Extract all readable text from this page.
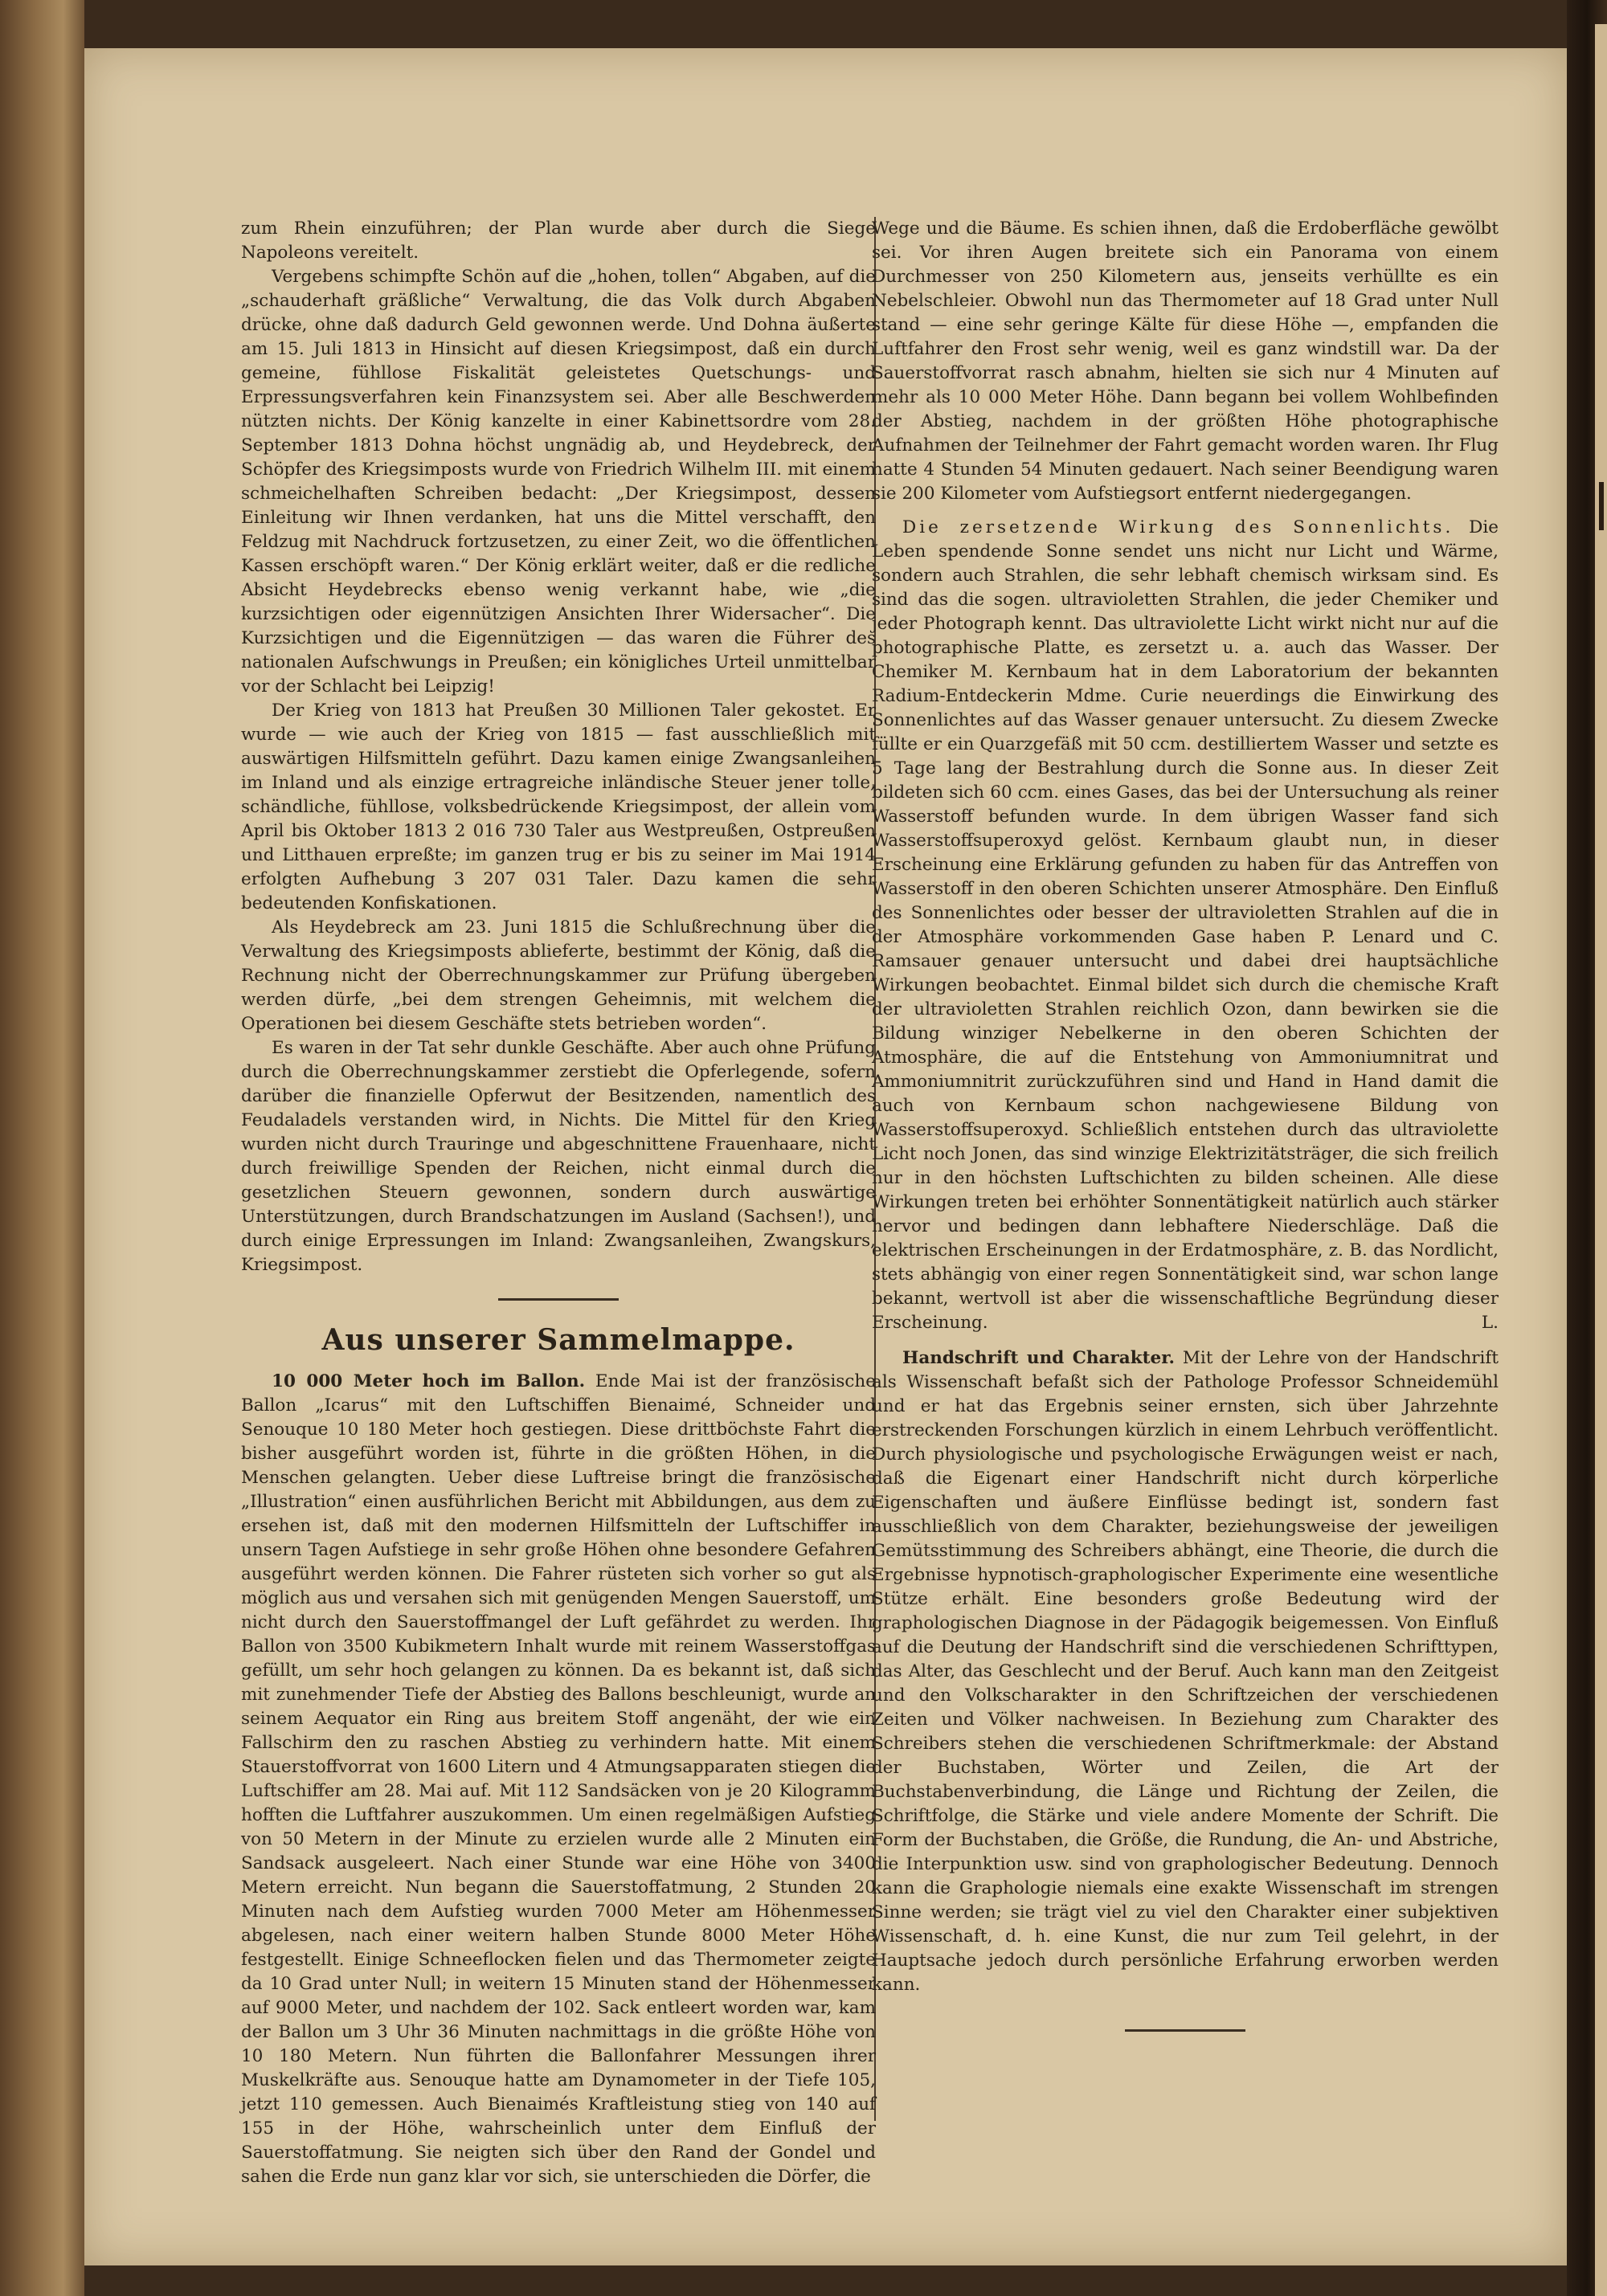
zum Rhein einzuführen; der Plan wurde aber durch die Siege Napoleons vereitelt.

Vergebens schimpfte Schön auf die „hohen, tollen“ Abgaben, auf die „schauderhaft gräßliche“ Verwaltung, die das Volk durch Abgaben drücke, ohne daß dadurch Geld gewonnen werde. Und Dohna äußerte am 15. Juli 1813 in Hinsicht auf diesen Kriegsimpost, daß ein durch gemeine, fühllose Fiskalität geleistetes Quetschungs- und Erpressungsverfahren kein Finanzsystem sei. Aber alle Beschwerden nützten nichts. Der König kanzelte in einer Kabinettsordre vom 28. September 1813 Dohna höchst ungnädig ab, und Heydebreck, der Schöpfer des Kriegsimposts wurde von Friedrich Wilhelm III. mit einem schmeichelhaften Schreiben bedacht: „Der Kriegsimpost, dessen Einleitung wir Ihnen verdanken, hat uns die Mittel verschafft, den Feldzug mit Nachdruck fortzusetzen, zu einer Zeit, wo die öffentlichen Kassen erschöpft waren.“ Der König erklärt weiter, daß er die redliche Absicht Heydebrecks ebenso wenig verkannt habe, wie „die kurzsichtigen oder eigennützigen Ansichten Ihrer Widersacher“. Die Kurzsichtigen und die Eigennützigen — das waren die Führer des nationalen Aufschwungs in Preußen; ein königliches Urteil unmittelbar vor der Schlacht bei Leipzig!

Der Krieg von 1813 hat Preußen 30 Millionen Taler gekostet. Er wurde — wie auch der Krieg von 1815 — fast ausschließlich mit auswärtigen Hilfsmitteln geführt. Dazu kamen einige Zwangsanleihen im Inland und als einzige ertragreiche inländische Steuer jener tolle, schändliche, fühllose, volksbedrückende Kriegsimpost, der allein vom April bis Oktober 1813 2 016 730 Taler aus Westpreußen, Ostpreußen und Litthauen erpreßte; im ganzen trug er bis zu seiner im Mai 1914 erfolgten Aufhebung 3 207 031 Taler. Dazu kamen die sehr bedeutenden Konfiskationen.

Als Heydebreck am 23. Juni 1815 die Schlußrechnung über die Verwaltung des Kriegsimposts ablieferte, bestimmt der König, daß die Rechnung nicht der Oberrechnungskammer zur Prüfung übergeben werden dürfe, „bei dem strengen Geheimnis, mit welchem die Operationen bei diesem Geschäfte stets betrieben worden“.

Es waren in der Tat sehr dunkle Geschäfte. Aber auch ohne Prüfung durch die Oberrechnungskammer zerstiebt die Opferlegende, sofern darüber die finanzielle Opferwut der Besitzenden, namentlich des Feudaladels verstanden wird, in Nichts. Die Mittel für den Krieg wurden nicht durch Trauringe und abgeschnittene Frauenhaare, nicht durch freiwillige Spenden der Reichen, nicht einmal durch die gesetzlichen Steuern gewonnen, sondern durch auswärtige Unterstützungen, durch Brandschatzungen im Ausland (Sachsen!), und durch einige Erpressungen im Inland: Zwangsanleihen, Zwangskurs, Kriegsimpost.

Aus unserer Sammelmappe.

10 000 Meter hoch im Ballon. Ende Mai ist der französische Ballon „Icarus“ mit den Luftschiffen Bienaimé, Schneider und Senouque 10 180 Meter hoch gestiegen. Diese drittböchste Fahrt die bisher ausgeführt worden ist, führte in die größten Höhen, in die Menschen gelangten. Ueber diese Luftreise bringt die französische „Illustration“ einen ausführlichen Bericht mit Abbildungen, aus dem zu ersehen ist, daß mit den modernen Hilfsmitteln der Luftschiffer in unsern Tagen Aufstiege in sehr große Höhen ohne besondere Gefahren ausgeführt werden können. Die Fahrer rüsteten sich vorher so gut als möglich aus und versahen sich mit genügenden Mengen Sauerstoff, um nicht durch den Sauerstoffmangel der Luft gefährdet zu werden. Ihr Ballon von 3500 Kubikmetern Inhalt wurde mit reinem Wasserstoffgas gefüllt, um sehr hoch gelangen zu können. Da es bekannt ist, daß sich mit zunehmender Tiefe der Abstieg des Ballons beschleunigt, wurde an seinem Aequator ein Ring aus breitem Stoff angenäht, der wie ein Fallschirm den zu raschen Abstieg zu verhindern hatte. Mit einem Stauerstoffvorrat von 1600 Litern und 4 Atmungsapparaten stiegen die Luftschiffer am 28. Mai auf. Mit 112 Sandsäcken von je 20 Kilogramm hofften die Luftfahrer auszukommen. Um einen regelmäßigen Aufstieg von 50 Metern in der Minute zu erzielen wurde alle 2 Minuten ein Sandsack ausgeleert. Nach einer Stunde war eine Höhe von 3400 Metern erreicht. Nun begann die Sauerstoffatmung, 2 Stunden 20 Minuten nach dem Aufstieg wurden 7000 Meter am Höhenmesser abgelesen, nach einer weitern halben Stunde 8000 Meter Höhe festgestellt. Einige Schneeflocken fielen und das Thermometer zeigte da 10 Grad unter Null; in weitern 15 Minuten stand der Höhenmesser auf 9000 Meter, und nachdem der 102. Sack entleert worden war, kam der Ballon um 3 Uhr 36 Minuten nachmittags in die größte Höhe von 10 180 Metern. Nun führten die Ballonfahrer Messungen ihrer Muskelkräfte aus. Senouque hatte am Dynamometer in der Tiefe 105, jetzt 110 gemessen. Auch Bienaimés Kraftleistung stieg von 140 auf 155 in der Höhe, wahrscheinlich unter dem Einfluß der Sauerstoffatmung. Sie neigten sich über den Rand der Gondel und sahen die Erde nun ganz klar vor sich, sie unterschieden die Dörfer, die

Wege und die Bäume. Es schien ihnen, daß die Erdoberfläche gewölbt sei. Vor ihren Augen breitete sich ein Panorama von einem Durchmesser von 250 Kilometern aus, jenseits verhüllte es ein Nebelschleier. Obwohl nun das Thermometer auf 18 Grad unter Null stand — eine sehr geringe Kälte für diese Höhe —, empfanden die Luftfahrer den Frost sehr wenig, weil es ganz windstill war. Da der Sauerstoffvorrat rasch abnahm, hielten sie sich nur 4 Minuten auf mehr als 10 000 Meter Höhe. Dann begann bei vollem Wohlbefinden der Abstieg, nachdem in der größten Höhe photographische Aufnahmen der Teilnehmer der Fahrt gemacht worden waren. Ihr Flug hatte 4 Stunden 54 Minuten gedauert. Nach seiner Beendigung waren sie 200 Kilometer vom Aufstiegsort entfernt niedergegangen.

Die zersetzende Wirkung des Sonnenlichts. Die Leben spendende Sonne sendet uns nicht nur Licht und Wärme, sondern auch Strahlen, die sehr lebhaft chemisch wirksam sind. Es sind das die sogen. ultravioletten Strahlen, die jeder Chemiker und jeder Photograph kennt. Das ultraviolette Licht wirkt nicht nur auf die photographische Platte, es zersetzt u. a. auch das Wasser. Der Chemiker M. Kernbaum hat in dem Laboratorium der bekannten Radium-Entdeckerin Mdme. Curie neuerdings die Einwirkung des Sonnenlichtes auf das Wasser genauer untersucht. Zu diesem Zwecke füllte er ein Quarzgefäß mit 50 ccm. destilliertem Wasser und setzte es 5 Tage lang der Bestrahlung durch die Sonne aus. In dieser Zeit bildeten sich 60 ccm. eines Gases, das bei der Untersuchung als reiner Wasserstoff befunden wurde. In dem übrigen Wasser fand sich Wasserstoffsuperoxyd gelöst. Kernbaum glaubt nun, in dieser Erscheinung eine Erklärung gefunden zu haben für das Antreffen von Wasserstoff in den oberen Schichten unserer Atmosphäre. Den Einfluß des Sonnenlichtes oder besser der ultravioletten Strahlen auf die in der Atmosphäre vorkommenden Gase haben P. Lenard und C. Ramsauer genauer untersucht und dabei drei hauptsächliche Wirkungen beobachtet. Einmal bildet sich durch die chemische Kraft der ultravioletten Strahlen reichlich Ozon, dann bewirken sie die Bildung winziger Nebelkerne in den oberen Schichten der Atmosphäre, die auf die Entstehung von Ammoniumnitrat und Ammoniumnitrit zurückzuführen sind und Hand in Hand damit die auch von Kernbaum schon nachgewiesene Bildung von Wasserstoffsuperoxyd. Schließlich entstehen durch das ultraviolette Licht noch Jonen, das sind winzige Elektrizitätsträger, die sich freilich nur in den höchsten Luftschichten zu bilden scheinen. Alle diese Wirkungen treten bei erhöhter Sonnentätigkeit natürlich auch stärker hervor und bedingen dann lebhaftere Niederschläge. Daß die elektrischen Erscheinungen in der Erdatmosphäre, z. B. das Nordlicht, stets abhängig von einer regen Sonnentätigkeit sind, war schon lange bekannt, wertvoll ist aber die wissenschaftliche Begründung dieser Erscheinung.	L.

Handschrift und Charakter. Mit der Lehre von der Handschrift als Wissenschaft befaßt sich der Pathologe Professor Schneidemühl und er hat das Ergebnis seiner ernsten, sich über Jahrzehnte erstreckenden Forschungen kürzlich in einem Lehrbuch veröffentlicht. Durch physiologische und psychologische Erwägungen weist er nach, daß die Eigenart einer Handschrift nicht durch körperliche Eigenschaften und äußere Einflüsse bedingt ist, sondern fast ausschließlich von dem Charakter, beziehungsweise der jeweiligen Gemütsstimmung des Schreibers abhängt, eine Theorie, die durch die Ergebnisse hypnotisch-graphologischer Experimente eine wesentliche Stütze erhält. Eine besonders große Bedeutung wird der graphologischen Diagnose in der Pädagogik beigemessen. Von Einfluß auf die Deutung der Handschrift sind die verschiedenen Schrifttypen, das Alter, das Geschlecht und der Beruf. Auch kann man den Zeitgeist und den Volkscharakter in den Schriftzeichen der verschiedenen Zeiten und Völker nachweisen. In Beziehung zum Charakter des Schreibers stehen die verschiedenen Schriftmerkmale: der Abstand der Buchstaben, Wörter und Zeilen, die Art der Buchstabenverbindung, die Länge und Richtung der Zeilen, die Schriftfolge, die Stärke und viele andere Momente der Schrift. Die Form der Buchstaben, die Größe, die Rundung, die An- und Abstriche, die Interpunktion usw. sind von graphologischer Bedeutung. Dennoch kann die Graphologie niemals eine exakte Wissenschaft im strengen Sinne werden; sie trägt viel zu viel den Charakter einer subjektiven Wissenschaft, d. h. eine Kunst, die nur zum Teil gelehrt, in der Hauptsache jedoch durch persönliche Erfahrung erworben werden kann.
